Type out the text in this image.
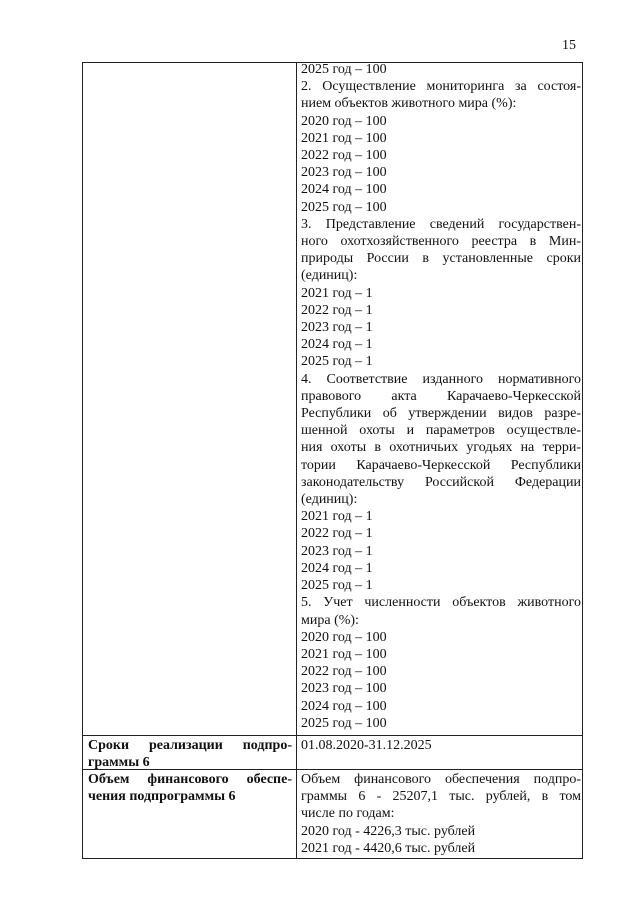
15
2025 год – 100
2. Осуществление мониторинга за состоя-
нием объектов животного мира (%):
2020 год – 100
2021 год – 100
2022 год – 100
2023 год – 100
2024 год – 100
2025 год – 100
3. Представление сведений государствен-
ного охотхозяйственного реестра в Мин-
природы России в установленные сроки
(единиц):
2021 год – 1
2022 год – 1
2023 год – 1
2024 год – 1
2025 год – 1
4. Соответствие изданного нормативного
правового акта Карачаево-Черкесской
Республики об утверждении видов разре-
шенной охоты и параметров осуществле-
ния охоты в охотничьих угодьях на терри-
тории Карачаево-Черкесской Республики
законодательству Российской Федерации
(единиц):
2021 год – 1
2022 год – 1
2023 год – 1
2024 год – 1
2025 год – 1
5. Учет численности объектов животного
мира (%):
2020 год – 100
2021 год – 100
2022 год – 100
2023 год – 100
2024 год – 100
2025 год – 100
Сроки реализации подпро-
граммы 6
01.08.2020-31.12.2025
Объем финансового обеспе-
чения подпрограммы 6
Объем финансового обеспечения подпро-
граммы 6 - 25207,1 тыс. рублей, в том
числе по годам:
2020 год - 4226,3 тыс. рублей
2021 год - 4420,6 тыс. рублей
